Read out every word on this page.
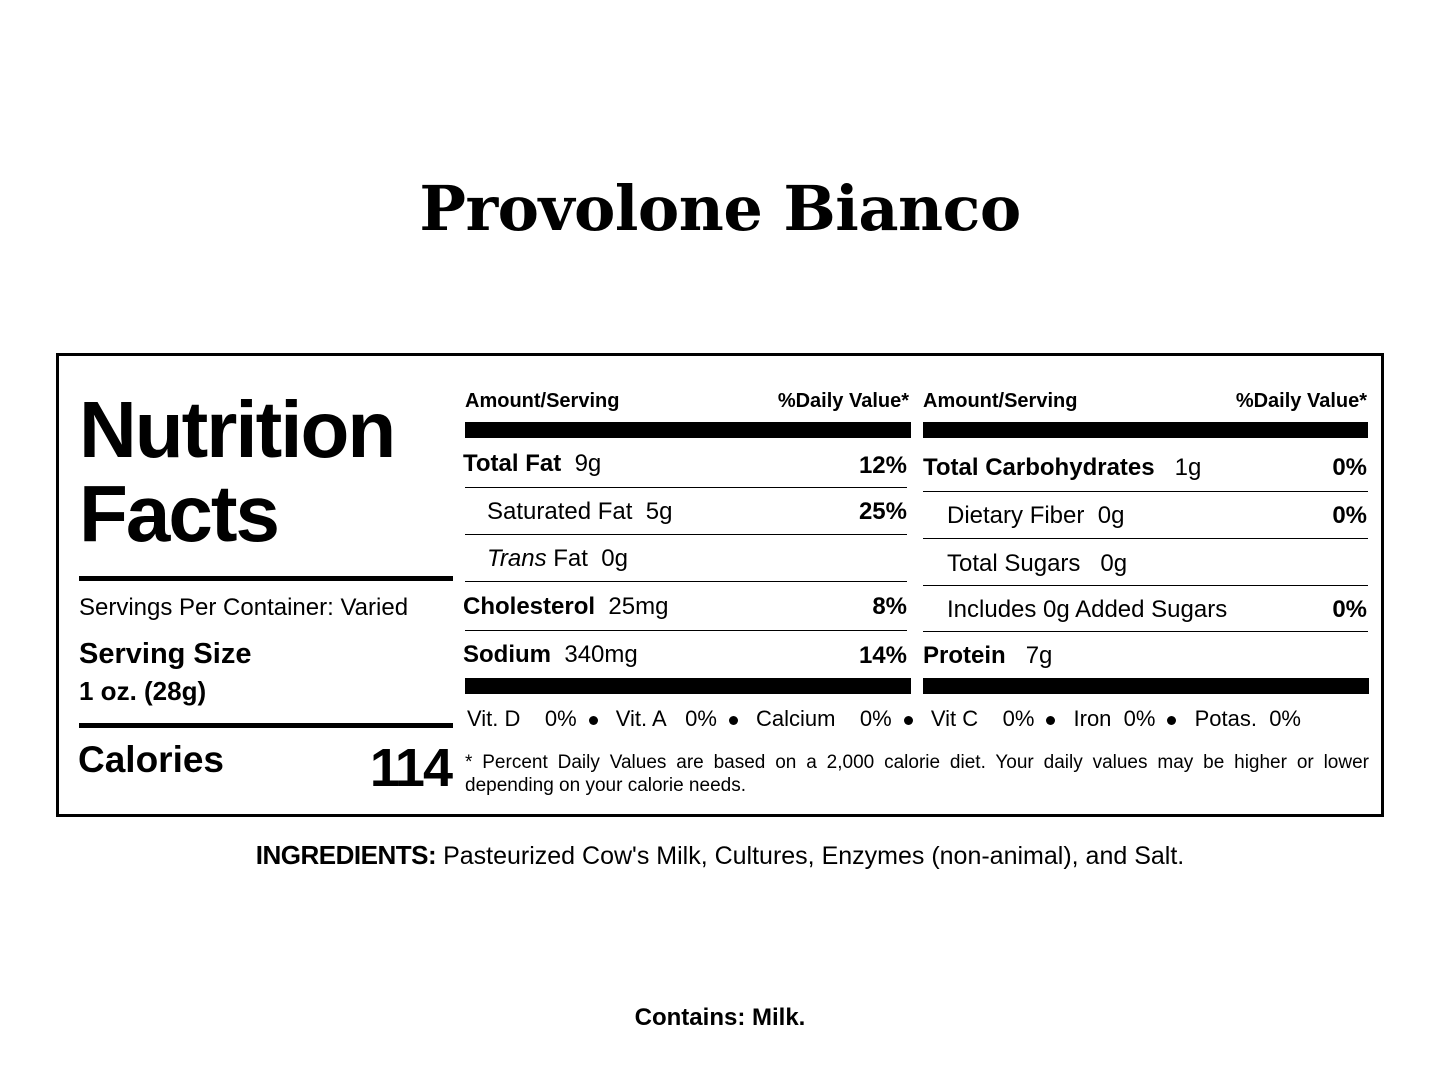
Provolone Bianco
Nutrition
Facts
Servings Per Container: Varied
Serving Size
1 oz. (28g)
Calories	114
Amount/Serving	%Daily Value*
Total Fat 9g	12%
Saturated Fat 5g	25%
Trans Fat 0g
Cholesterol 25mg	8%
Sodium 340mg	14%
Amount/Serving	%Daily Value*
Total Carbohydrates 1g	0%
Dietary Fiber 0g	0%
Total Sugars 0g
Includes 0g Added Sugars	0%
Protein 7g
Vit. D 0% Vit. A 0% Calcium 0% Vit C 0% Iron 0% Potas. 0%
* Percent Daily Values are based on a 2,000 calorie diet. Your daily values may be higher or lower depending on your calorie needs.
INGREDIENTS: Pasteurized Cow's Milk, Cultures, Enzymes (non-animal), and Salt.
Contains: Milk.
